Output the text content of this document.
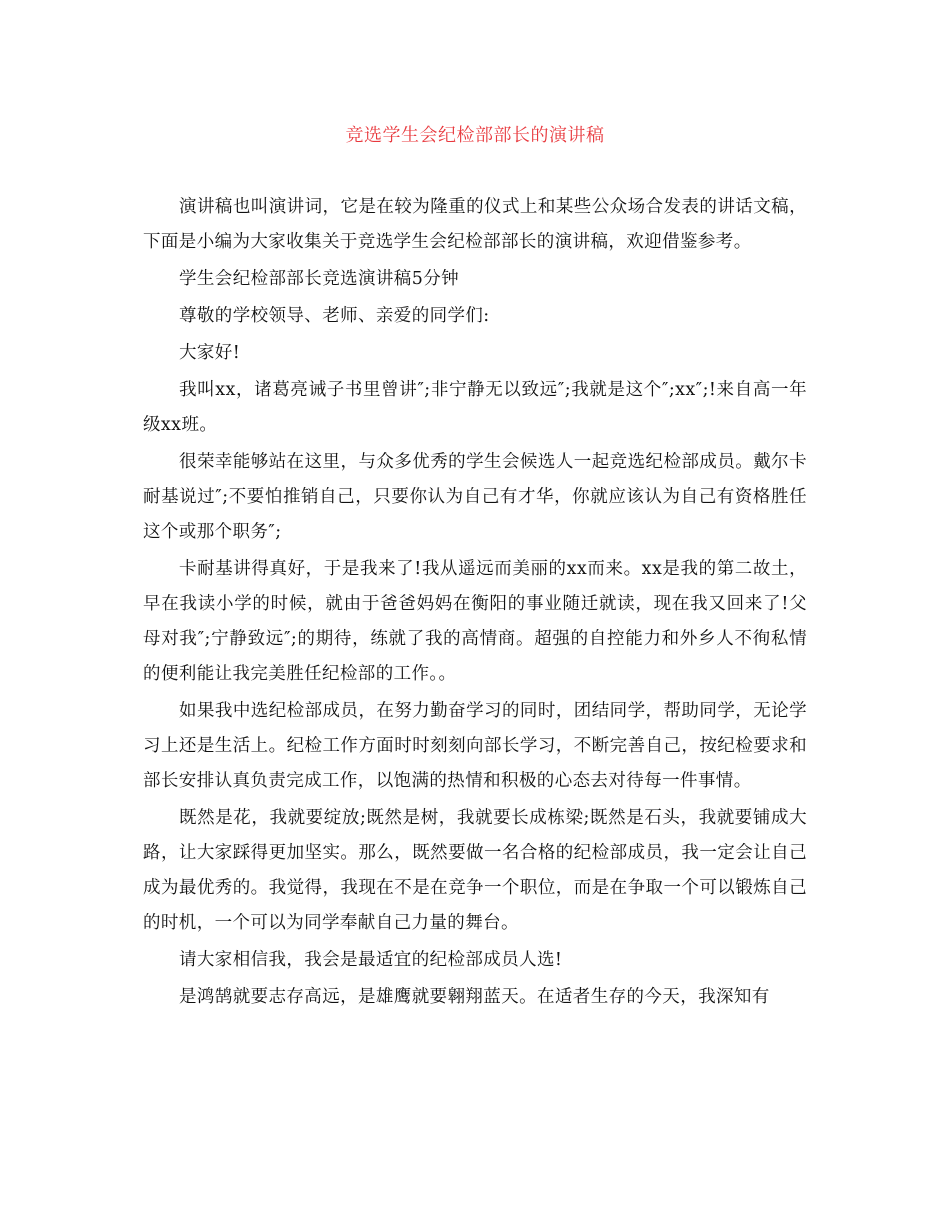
竞选学生会纪检部部长的演讲稿

演讲稿也叫演讲词，它是在较为隆重的仪式上和某些公众场合发表的讲话文稿，下面是小编为大家收集关于竞选学生会纪检部部长的演讲稿，欢迎借鉴参考。

学生会纪检部部长竞选演讲稿5分钟

尊敬的学校领导、老师、亲爱的同学们:

大家好!

我叫xx，诸葛亮诫子书里曾讲″;非宁静无以致远″;我就是这个″;xx″;!来自高一年级xx班。

很荣幸能够站在这里，与众多优秀的学生会候选人一起竞选纪检部成员。戴尔卡耐基说过″;不要怕推销自己，只要你认为自己有才华，你就应该认为自己有资格胜任这个或那个职务″;

卡耐基讲得真好，于是我来了!我从遥远而美丽的xx而来。xx是我的第二故土，早在我读小学的时候，就由于爸爸妈妈在衡阳的事业随迁就读，现在我又回来了!父母对我″;宁静致远″;的期待，练就了我的高情商。超强的自控能力和外乡人不徇私情的便利能让我完美胜任纪检部的工作。。

如果我中选纪检部成员，在努力勤奋学习的同时，团结同学，帮助同学，无论学习上还是生活上。纪检工作方面时时刻刻向部长学习，不断完善自己，按纪检要求和部长安排认真负责完成工作，以饱满的热情和积极的心态去对待每一件事情。

既然是花，我就要绽放;既然是树，我就要长成栋梁;既然是石头，我就要铺成大路，让大家踩得更加坚实。那么，既然要做一名合格的纪检部成员，我一定会让自己成为最优秀的。我觉得，我现在不是在竞争一个职位，而是在争取一个可以锻炼自己的时机，一个可以为同学奉献自己力量的舞台。

请大家相信我，我会是最适宜的纪检部成员人选!

是鸿鹄就要志存高远，是雄鹰就要翱翔蓝天。在适者生存的今天，我深知有
